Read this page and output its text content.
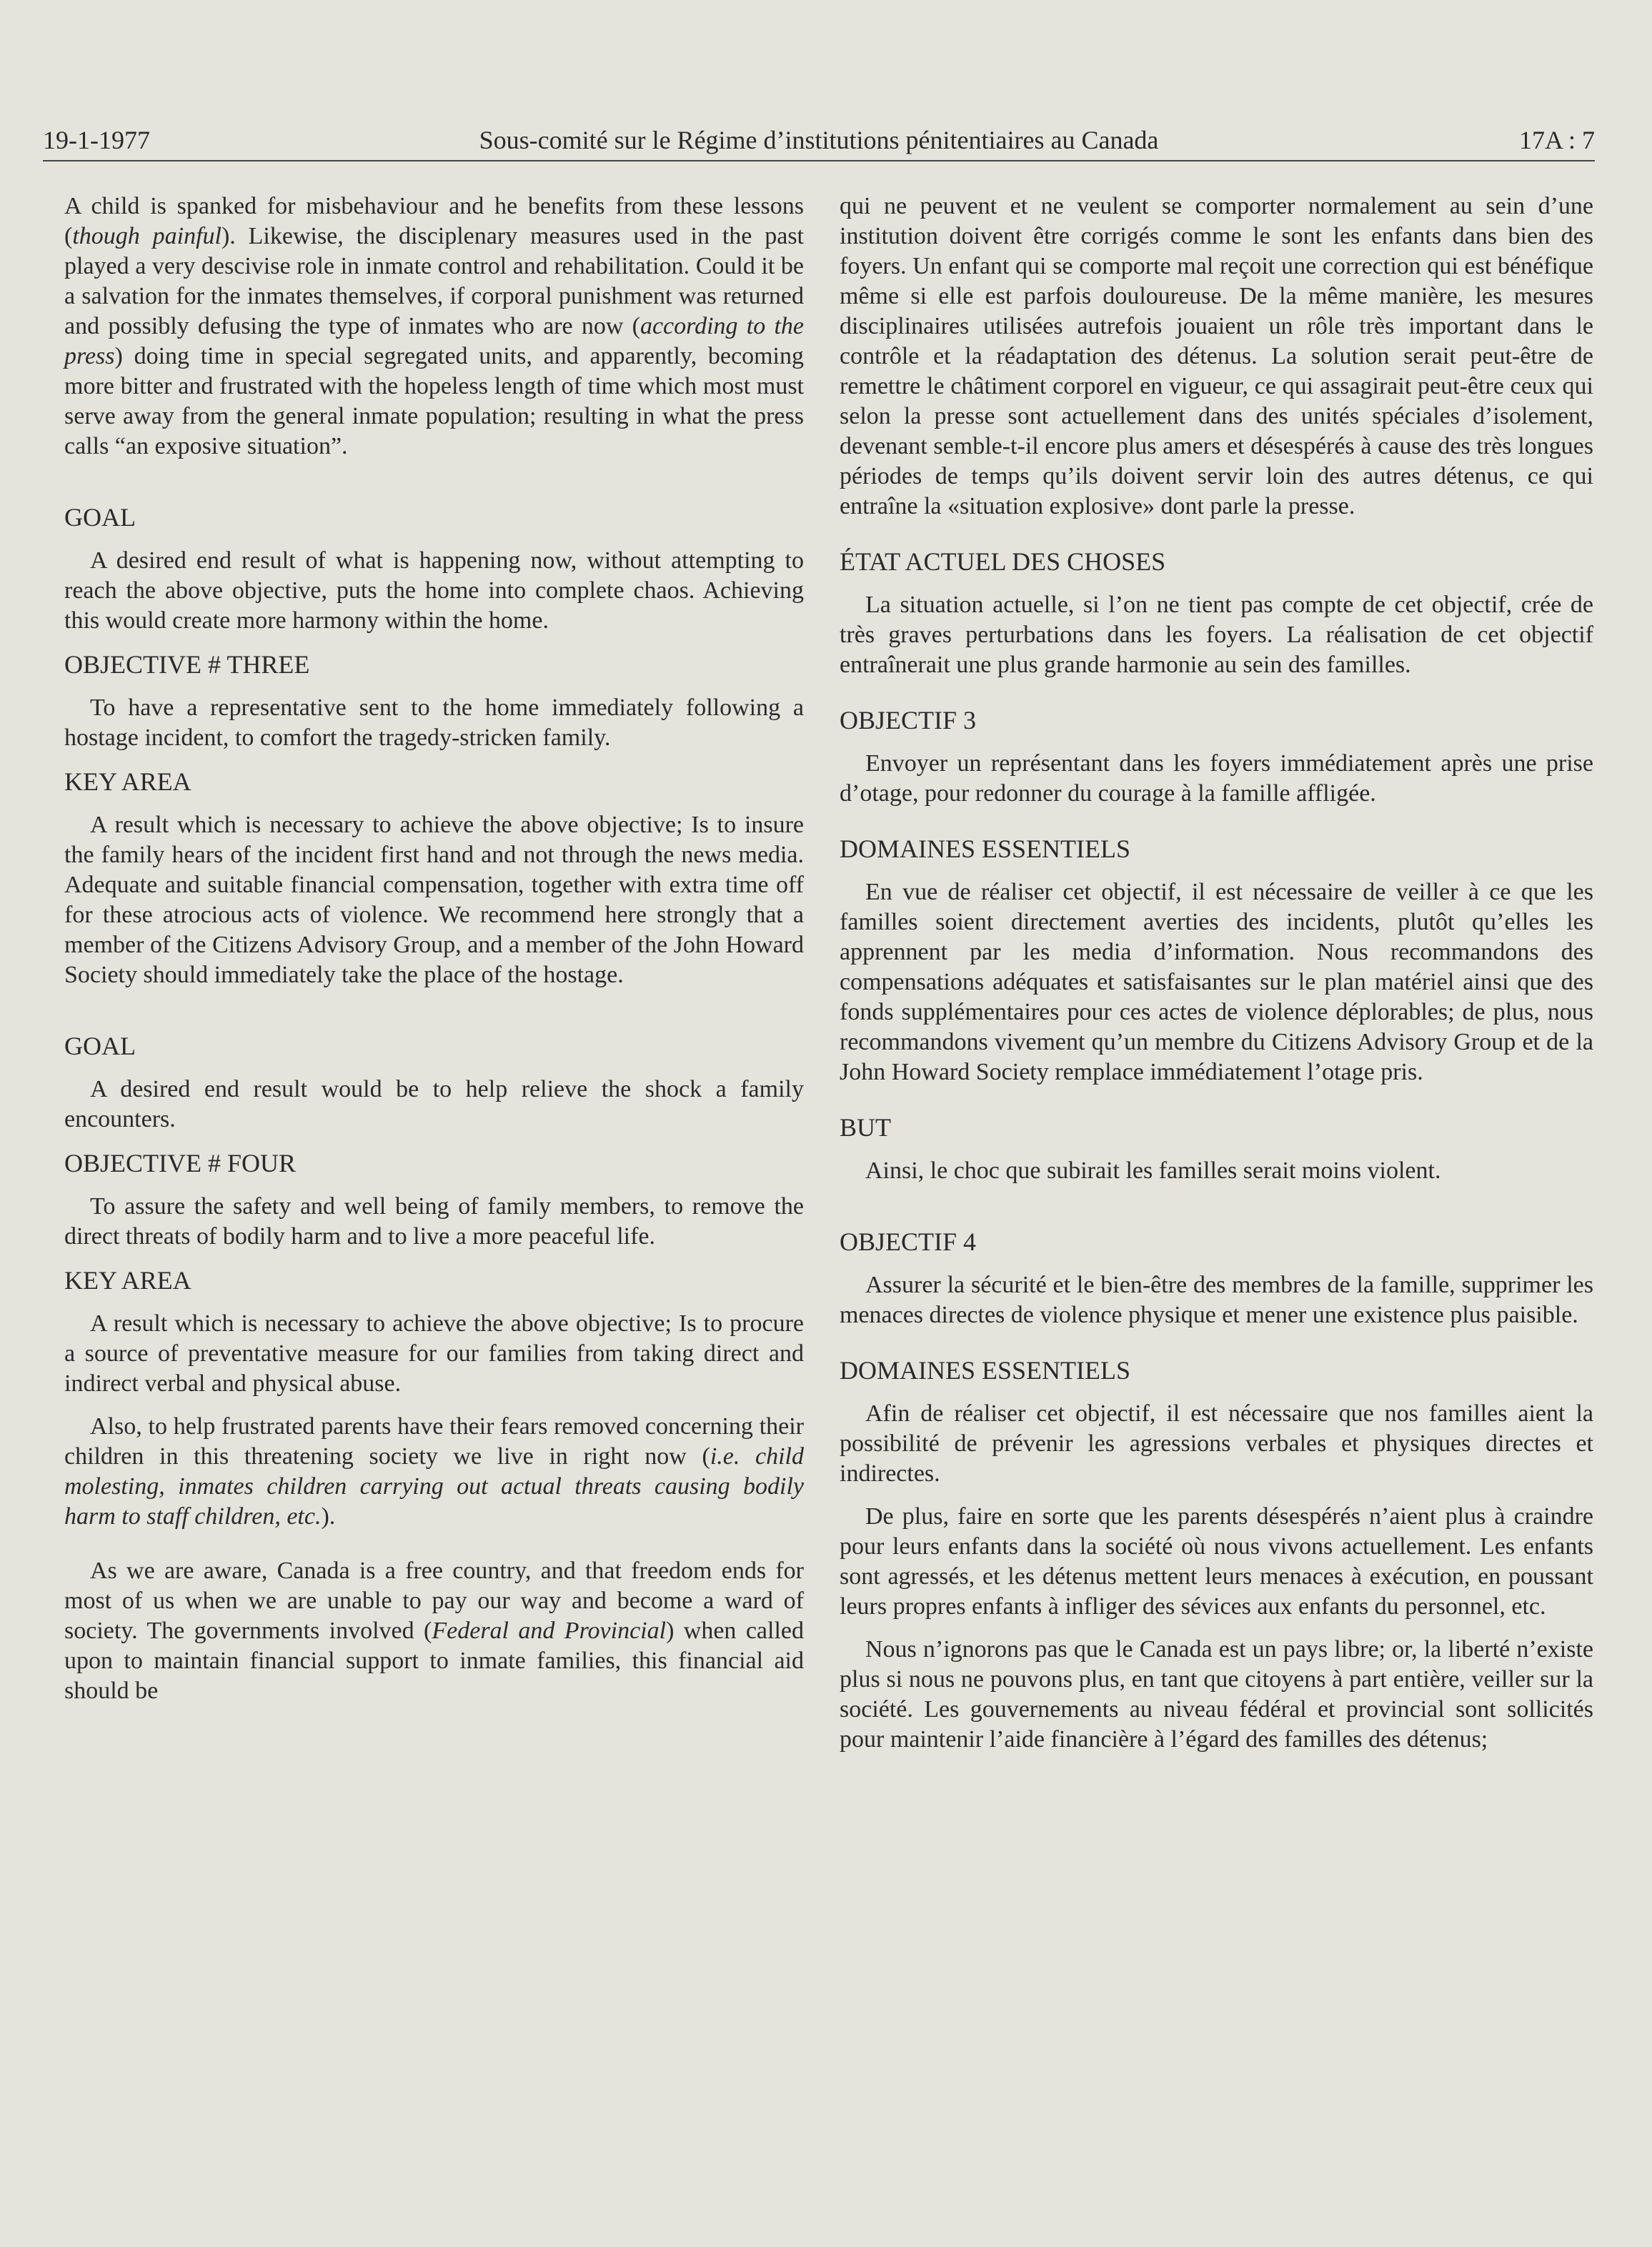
19-1-1977	Sous-comité sur le Régime d’institutions pénitentiaires au Canada	17A : 7

A child is spanked for misbehaviour and he benefits from these lessons (though painful). Likewise, the disciplenary measures used in the past played a very descivise role in inmate control and rehabilitation. Could it be a salvation for the inmates themselves, if corporal punishment was returned and possibly defusing the type of inmates who are now (according to the press) doing time in special segregated units, and apparently, becoming more bitter and frustrated with the hopeless length of time which most must serve away from the general inmate population; resulting in what the press calls “an exposive situation”.

GOAL

A desired end result of what is happening now, without attempting to reach the above objective, puts the home into complete chaos. Achieving this would create more harmony within the home.

OBJECTIVE # THREE

To have a representative sent to the home immediately following a hostage incident, to comfort the tragedy-stricken family.

KEY AREA

A result which is necessary to achieve the above objective; Is to insure the family hears of the incident first hand and not through the news media. Adequate and suitable financial compensation, together with extra time off for these atrocious acts of violence. We recommend here strongly that a member of the Citizens Advisory Group, and a member of the John Howard Society should immediately take the place of the hostage.

GOAL

A desired end result would be to help relieve the shock a family encounters.

OBJECTIVE # FOUR

To assure the safety and well being of family members, to remove the direct threats of bodily harm and to live a more peaceful life.

KEY AREA

A result which is necessary to achieve the above objective; Is to procure a source of preventative measure for our families from taking direct and indirect verbal and physical abuse.

Also, to help frustrated parents have their fears removed concerning their children in this threatening society we live in right now (i.e. child molesting, inmates children carrying out actual threats causing bodily harm to staff children, etc.).

As we are aware, Canada is a free country, and that freedom ends for most of us when we are unable to pay our way and become a ward of society. The governments involved (Federal and Provincial) when called upon to maintain financial support to inmate families, this financial aid should be

qui ne peuvent et ne veulent se comporter normalement au sein d’une institution doivent être corrigés comme le sont les enfants dans bien des foyers. Un enfant qui se comporte mal reçoit une correction qui est bénéfique même si elle est parfois douloureuse. De la même manière, les mesures disciplinaires utilisées autrefois jouaient un rôle très important dans le contrôle et la réadaptation des détenus. La solution serait peut-être de remettre le châtiment corporel en vigueur, ce qui assagirait peut-être ceux qui selon la presse sont actuellement dans des unités spéciales d’isolement, devenant semble-t-il encore plus amers et désespérés à cause des très longues périodes de temps qu’ils doivent servir loin des autres détenus, ce qui entraîne la «situation explosive» dont parle la presse.

ÉTAT ACTUEL DES CHOSES

La situation actuelle, si l’on ne tient pas compte de cet objectif, crée de très graves perturbations dans les foyers. La réalisation de cet objectif entraînerait une plus grande harmonie au sein des familles.

OBJECTIF 3

Envoyer un représentant dans les foyers immédiatement après une prise d’otage, pour redonner du courage à la famille affligée.

DOMAINES ESSENTIELS

En vue de réaliser cet objectif, il est nécessaire de veiller à ce que les familles soient directement averties des incidents, plutôt qu’elles les apprennent par les media d’information. Nous recommandons des compensations adéquates et satisfaisantes sur le plan matériel ainsi que des fonds supplémentaires pour ces actes de violence déplorables; de plus, nous recommandons vivement qu’un membre du Citizens Advisory Group et de la John Howard Society remplace immédiatement l’otage pris.

BUT

Ainsi, le choc que subirait les familles serait moins violent.

OBJECTIF 4

Assurer la sécurité et le bien-être des membres de la famille, supprimer les menaces directes de violence physique et mener une existence plus paisible.

DOMAINES ESSENTIELS

Afin de réaliser cet objectif, il est nécessaire que nos familles aient la possibilité de prévenir les agressions verbales et physiques directes et indirectes.

De plus, faire en sorte que les parents désespérés n’aient plus à craindre pour leurs enfants dans la société où nous vivons actuellement. Les enfants sont agressés, et les détenus mettent leurs menaces à exécution, en poussant leurs propres enfants à infliger des sévices aux enfants du personnel, etc.

Nous n’ignorons pas que le Canada est un pays libre; or, la liberté n’existe plus si nous ne pouvons plus, en tant que citoyens à part entière, veiller sur la société. Les gouvernements au niveau fédéral et provincial sont sollicités pour maintenir l’aide financière à l’égard des familles des détenus;
